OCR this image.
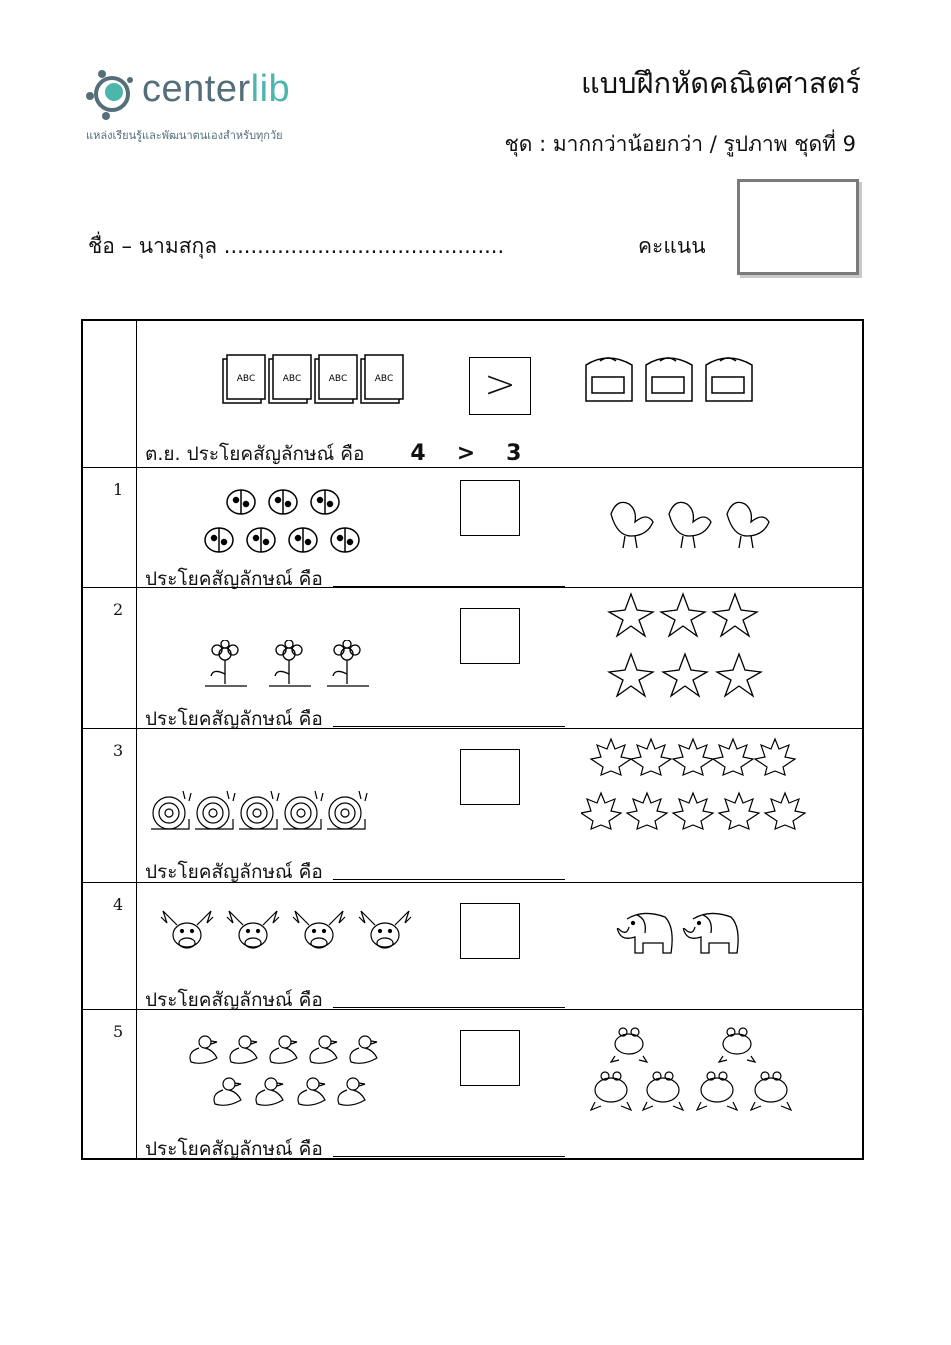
centerlib
แหล่งเรียนรู้และพัฒนาตนเองสำหรับทุกวัย
แบบฝึกหัดคณิตศาสตร์
ชุด : มากกว่าน้อยกว่า / รูปภาพ ชุดที่ 9
ชื่อ – นามสกุล ..........................................	คะแนน
ABC	ABC	ABC	ABC	>
ต.ย. ประโยคสัญลักษณ์ คือ 4 > 3
1
ประโยคสัญลักษณ์ คือ
2
ประโยคสัญลักษณ์ คือ
3
ประโยคสัญลักษณ์ คือ
4
ประโยคสัญลักษณ์ คือ
5
ประโยคสัญลักษณ์ คือ
